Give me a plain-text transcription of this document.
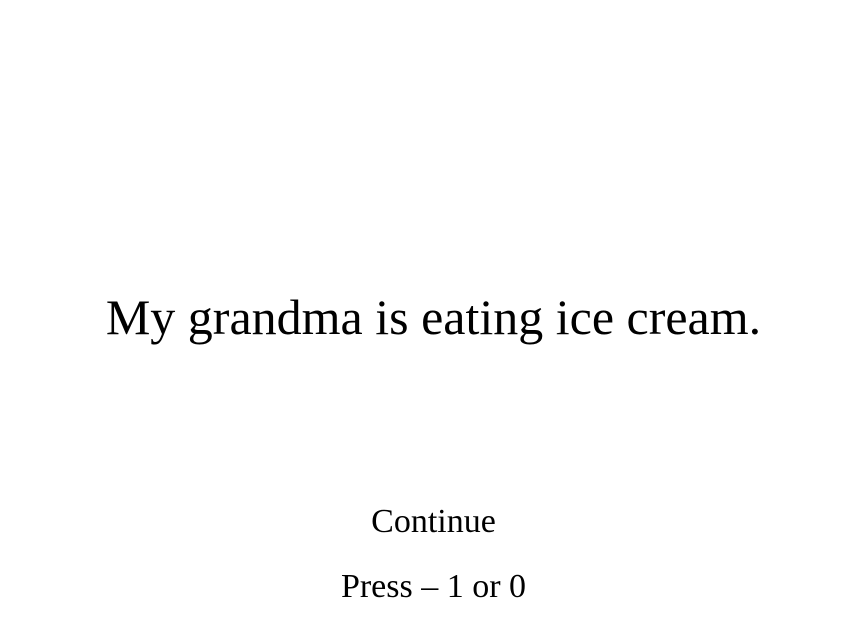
My grandma is eating ice cream.
Continue
Press – 1 or 0
